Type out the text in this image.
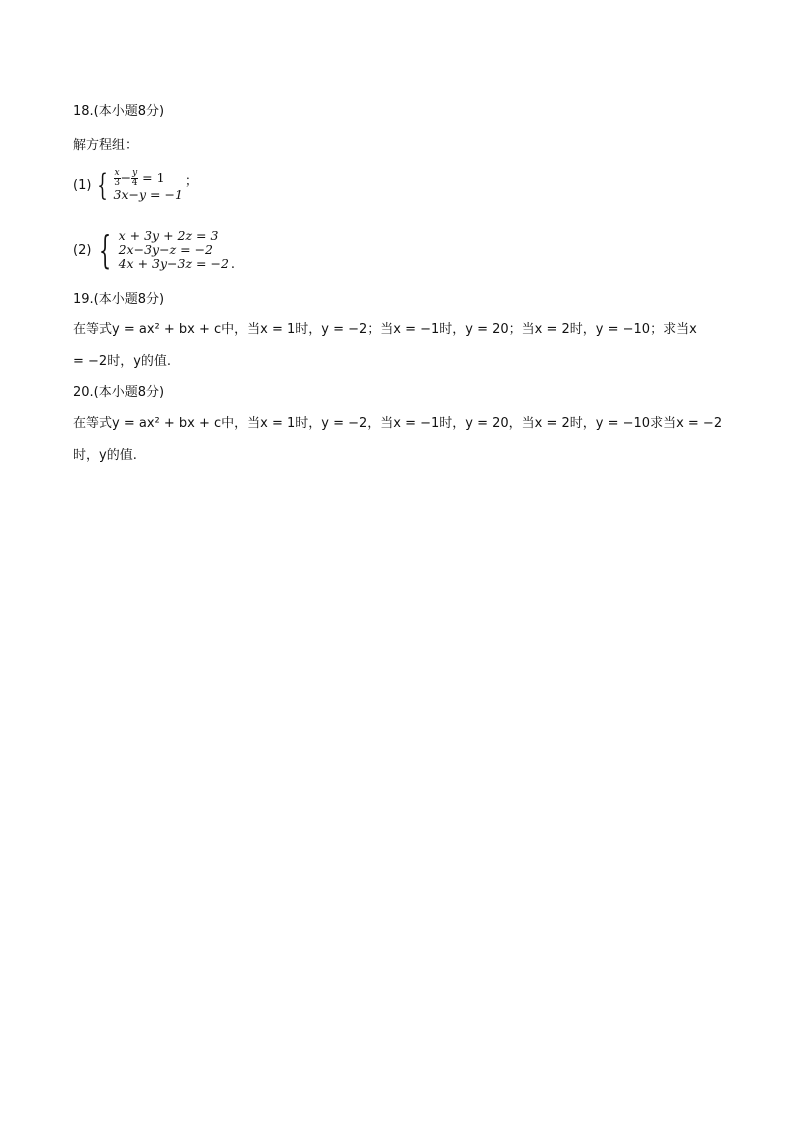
18.(本小题8分)
解方程组：
(1) { $\frac{x}{3} - \frac{y}{4} = 1$
3x−y = −1
；
(2) { x + 3y + 2z = 3
2x−3y−z = −2
4x + 3y−3z = −2 .
19.(本小题8分)
在等式y = ax² + bx + c中，当x = 1时，y = −2；当x = −1时，y = 20；当x = 2时，y = −10；求当x
= −2时，y的值.
20.(本小题8分)
在等式y = ax² + bx + c中，当x = 1时，y = −2，当x = −1时，y = 20，当x = 2时，y = −10求当x = −2
时，y的值.
